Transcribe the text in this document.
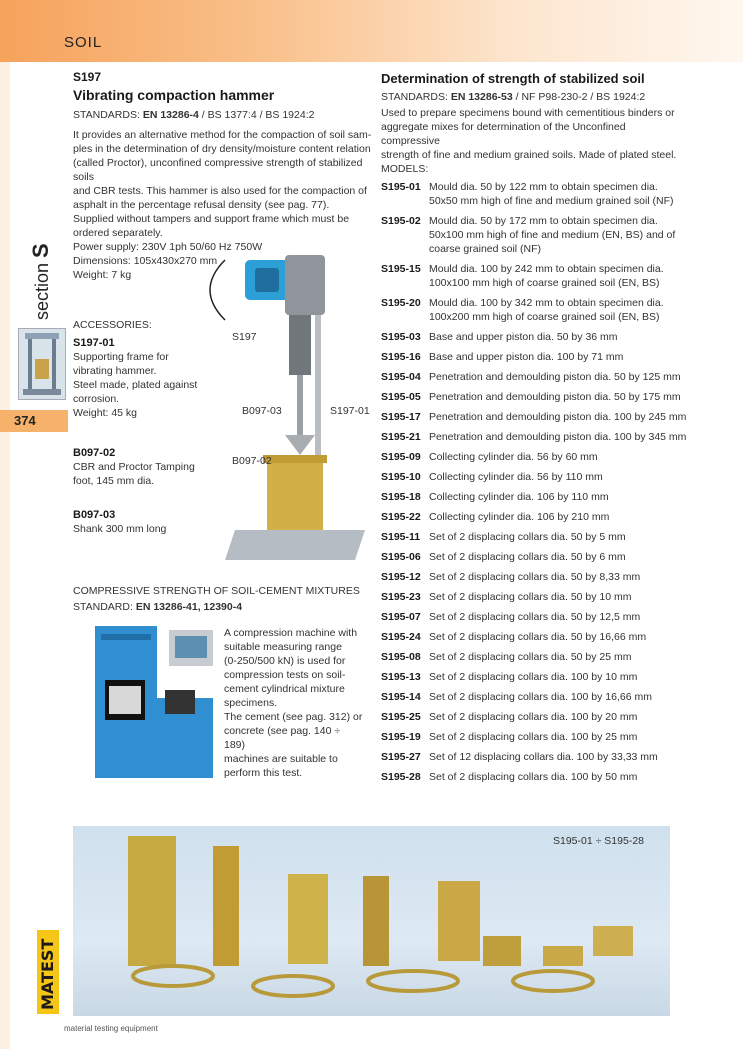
SOIL
section S
374
S197
Vibrating compaction hammer
STANDARDS: EN 13286-4 / BS 1377:4 / BS 1924:2
It provides an alternative method for the compaction of soil sam-
ples in the determination of dry density/moisture content relation
(called Proctor), unconfined compressive strength of stabilized soils
and CBR tests. This hammer is also used for the compaction of
asphalt in the percentage refusal density (see pag. 77).
Supplied without tampers and support frame which must be
ordered separately.
Power supply: 230V 1ph 50/60 Hz 750W
Dimensions: 105x430x270 mm
Weight: 7 kg
ACCESSORIES:
S197-01
Supporting frame for
vibrating hammer.
Steel made, plated against
corrosion.
Weight: 45 kg
B097-02
CBR and Proctor Tamping
foot, 145 mm dia.
B097-03
Shank 300 mm long
S197
B097-03
B097-02
S197-01
COMPRESSIVE STRENGTH OF SOIL-CEMENT MIXTURES
STANDARD: EN 13286-41, 12390-4
A compression machine with
suitable measuring range
(0-250/500 kN) is used for
compression tests on soil-
cement cylindrical mixture
specimens.
The cement (see pag. 312) or
concrete (see pag. 140 ÷ 189)
machines are suitable to
perform this test.
Determination of strength of stabilized soil
STANDARDS: EN 13286-53 / NF P98-230-2 / BS 1924:2
Used to prepare specimens bound with cementitious binders or
aggregate mixes for determination of the Unconfined compressive
strength of fine and medium grained soils. Made of plated steel.
MODELS:
S195-01 Mould dia. 50 by 122 mm to obtain specimen dia.
50x50 mm high of fine and medium grained soil (NF)
S195-02 Mould dia. 50 by 172 mm to obtain specimen dia.
50x100 mm high of fine and medium (EN, BS) and of
coarse grained soil (NF)
S195-15 Mould dia. 100 by 242 mm to obtain specimen dia.
100x100 mm high of coarse grained soil (EN, BS)
S195-20 Mould dia. 100 by 342 mm to obtain specimen dia.
100x200 mm high of coarse grained soil (EN, BS)
S195-03 Base and upper piston dia. 50 by 36 mm
S195-16 Base and upper piston dia. 100 by 71 mm
S195-04 Penetration and demoulding piston dia. 50 by 125 mm
S195-05 Penetration and demoulding piston dia. 50 by 175 mm
S195-17 Penetration and demoulding piston dia. 100 by 245 mm
S195-21 Penetration and demoulding piston dia. 100 by 345 mm
S195-09 Collecting cylinder dia. 56 by 60 mm
S195-10 Collecting cylinder dia. 56 by 110 mm
S195-18 Collecting cylinder dia. 106 by 110 mm
S195-22 Collecting cylinder dia. 106 by 210 mm
S195-11 Set of 2 displacing collars dia. 50 by 5 mm
S195-06 Set of 2 displacing collars dia. 50 by 6 mm
S195-12 Set of 2 displacing collars dia. 50 by 8,33 mm
S195-23 Set of 2 displacing collars dia. 50 by 10 mm
S195-07 Set of 2 displacing collars dia. 50 by 12,5 mm
S195-24 Set of 2 displacing collars dia. 50 by 16,66 mm
S195-08 Set of 2 displacing collars dia. 50 by 25 mm
S195-13 Set of 2 displacing collars dia. 100 by 10 mm
S195-14 Set of 2 displacing collars dia. 100 by 16,66 mm
S195-25 Set of 2 displacing collars dia. 100 by 20 mm
S195-19 Set of 2 displacing collars dia. 100 by 25 mm
S195-27 Set of 12 displacing collars dia. 100 by 33,33 mm
S195-28 Set of 2 displacing collars dia. 100 by 50 mm
S195-01 ÷ S195-28
MATEST
material testing equipment
